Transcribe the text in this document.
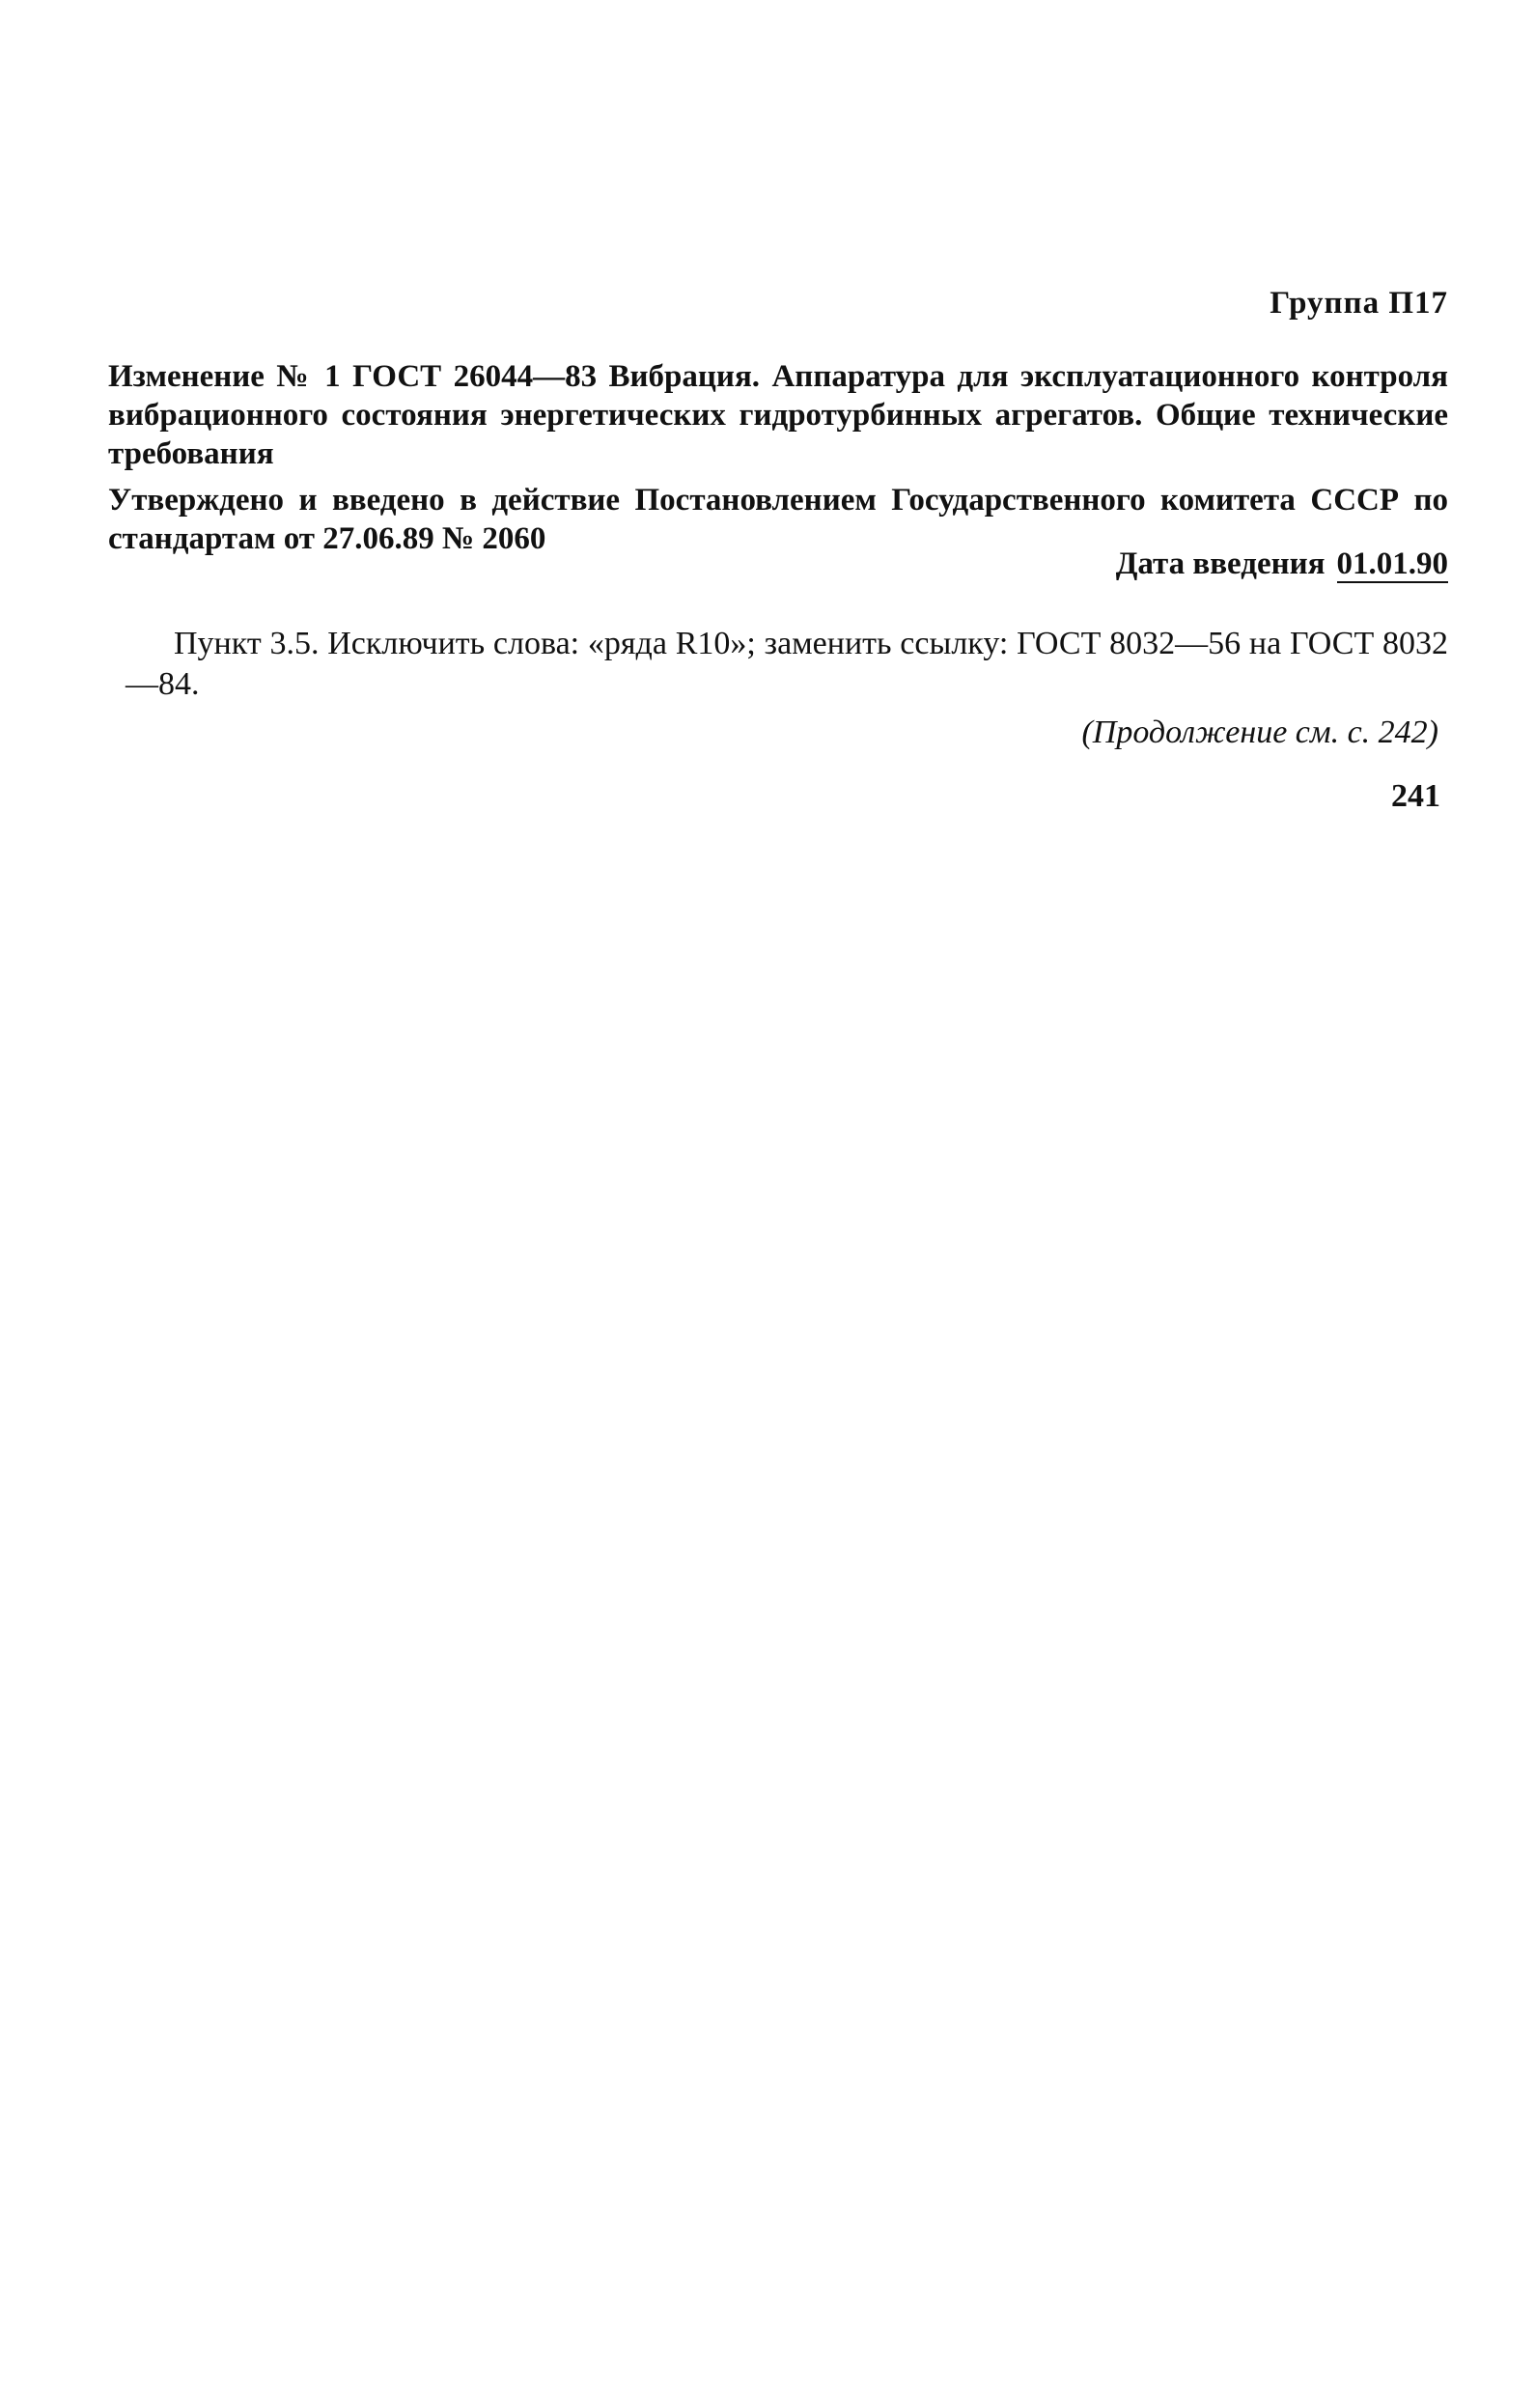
Группа П17
Изменение № 1 ГОСТ 26044—83 Вибрация. Аппаратура для эксплуатационного контроля вибрационного состояния энергетических гидротурбинных агрегатов. Общие технические требования
Утверждено и введено в действие Постановлением Государственного комитета СССР по стандартам от 27.06.89 № 2060
Дата введения 01.01.90

Пункт 3.5. Исключить слова: «ряда R10»; заменить ссылку: ГОСТ 8032—56 на ГОСТ 8032—84.

(Продолжение см. с. 242)
241
